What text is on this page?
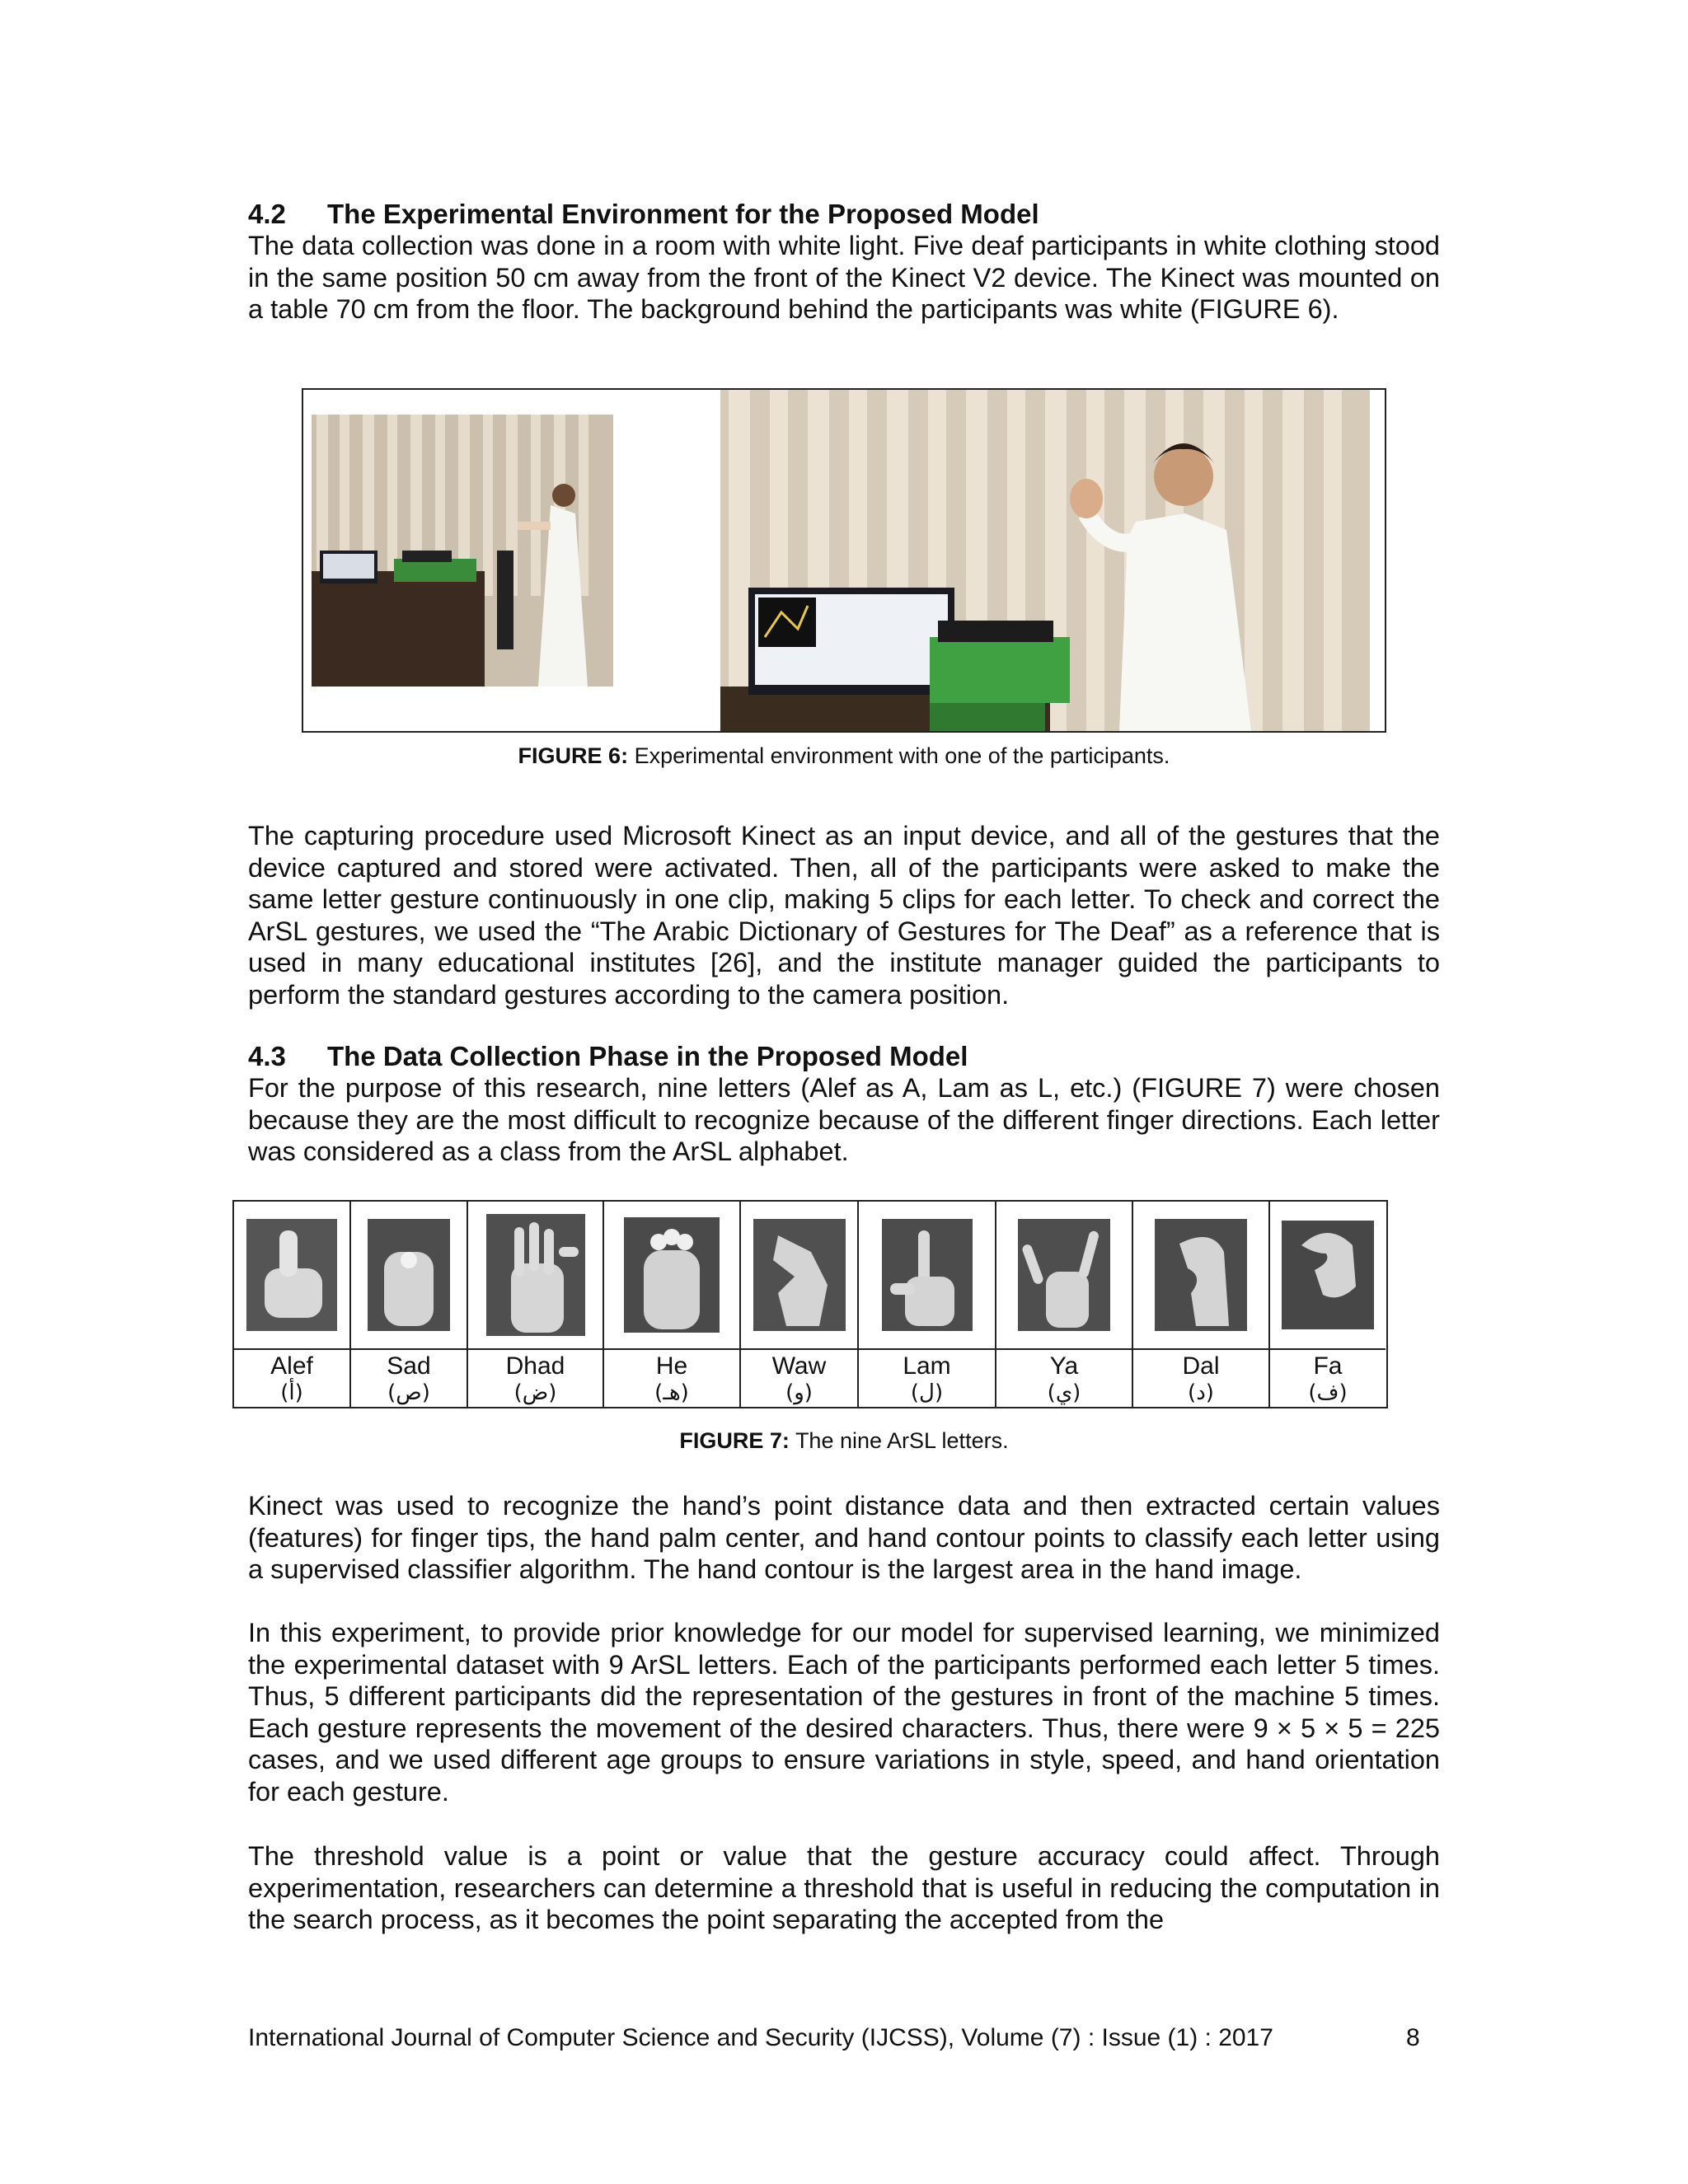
4.2 The Experimental Environment for the Proposed Model

The data collection was done in a room with white light. Five deaf participants in white clothing stood in the same position 50 cm away from the front of the Kinect V2 device. The Kinect was mounted on a table 70 cm from the floor. The background behind the participants was white (FIGURE 6).

FIGURE 6: Experimental environment with one of the participants.

The capturing procedure used Microsoft Kinect as an input device, and all of the gestures that the device captured and stored were activated. Then, all of the participants were asked to make the same letter gesture continuously in one clip, making 5 clips for each letter. To check and correct the ArSL gestures, we used the “The Arabic Dictionary of Gestures for The Deaf” as a reference that is used in many educational institutes [26], and the institute manager guided the participants to perform the standard gestures according to the camera position.

4.3 The Data Collection Phase in the Proposed Model

For the purpose of this research, nine letters (Alef as A, Lam as L, etc.) (FIGURE 7) were chosen because they are the most difficult to recognize because of the different finger directions. Each letter was considered as a class from the ArSL alphabet.

Alef
(أ)
Sad
(ص)
Dhad
(ض)
He
(هـ)
Waw
(و)
Lam
(ل)
Ya
(ي)
Dal
(د)
Fa
(ف)
FIGURE 7: The nine ArSL letters.

Kinect was used to recognize the hand’s point distance data and then extracted certain values (features) for finger tips, the hand palm center, and hand contour points to classify each letter using a supervised classifier algorithm. The hand contour is the largest area in the hand image.

In this experiment, to provide prior knowledge for our model for supervised learning, we minimized the experimental dataset with 9 ArSL letters. Each of the participants performed each letter 5 times. Thus, 5 different participants did the representation of the gestures in front of the machine 5 times. Each gesture represents the movement of the desired characters. Thus, there were 9 × 5 × 5 = 225 cases, and we used different age groups to ensure variations in style, speed, and hand orientation for each gesture.

The threshold value is a point or value that the gesture accuracy could affect. Through experimentation, researchers can determine a threshold that is useful in reducing the computation in the search process, as it becomes the point separating the accepted from the

International Journal of Computer Science and Security (IJCSS), Volume (7) : Issue (1) : 2017	8
